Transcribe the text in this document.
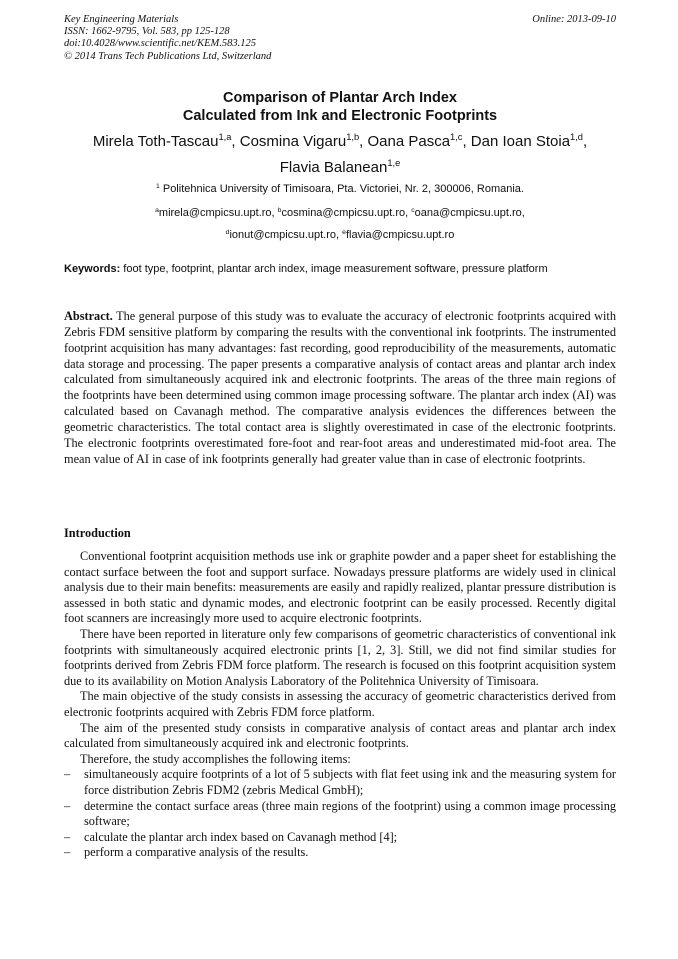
Key Engineering Materials
ISSN: 1662-9795, Vol. 583, pp 125-128
doi:10.4028/www.scientific.net/KEM.583.125
© 2014 Trans Tech Publications Ltd, Switzerland
Online: 2013-09-10
Comparison of Plantar Arch Index
Calculated from Ink and Electronic Footprints
Mirela Toth-Tascau$^{1,a}$, Cosmina Vigaru$^{1,b}$, Oana Pasca$^{1,c}$, Dan Ioan Stoia$^{1,d}$,
Flavia Balanean$^{1,e}$
$^1$ Politehnica University of Timisoara, Pta. Victoriei, Nr. 2, 300006, Romania.
$^a$mirela@cmpicsu.upt.ro, $^b$cosmina@cmpicsu.upt.ro, $^c$oana@cmpicsu.upt.ro,
$^d$ionut@cmpicsu.upt.ro, $^e$flavia@cmpicsu.upt.ro
Keywords: foot type, footprint, plantar arch index, image measurement software, pressure platform
Abstract. The general purpose of this study was to evaluate the accuracy of electronic footprints acquired with Zebris FDM sensitive platform by comparing the results with the conventional ink footprints. The instrumented footprint acquisition has many advantages: fast recording, good reproducibility of the measurements, automatic data storage and processing. The paper presents a comparative analysis of contact areas and plantar arch index calculated from simultaneously acquired ink and electronic footprints. The areas of the three main regions of the footprints have been determined using common image processing software. The plantar arch index (AI) was calculated based on Cavanagh method. The comparative analysis evidences the differences between the geometric characteristics. The total contact area is slightly overestimated in case of the electronic footprints. The electronic footprints overestimated fore-foot and rear-foot areas and underestimated mid-foot area. The mean value of AI in case of ink footprints generally had greater value than in case of electronic footprints.
Introduction

Conventional footprint acquisition methods use ink or graphite powder and a paper sheet for establishing the contact surface between the foot and support surface. Nowadays pressure platforms are widely used in clinical analysis due to their main benefits: measurements are easily and rapidly realized, plantar pressure distribution is assessed in both static and dynamic modes, and electronic footprint can be easily processed. Recently digital foot scanners are increasingly more used to acquire electronic footprints.

There have been reported in literature only few comparisons of geometric characteristics of conventional ink footprints with simultaneously acquired electronic prints [1, 2, 3]. Still, we did not find similar studies for footprints derived from Zebris FDM force platform. The research is focused on this footprint acquisition system due to its availability on Motion Analysis Laboratory of the Politehnica University of Timisoara.

The main objective of the study consists in assessing the accuracy of geometric characteristics derived from electronic footprints acquired with Zebris FDM force platform.

The aim of the presented study consists in comparative analysis of contact areas and plantar arch index calculated from simultaneously acquired ink and electronic footprints.

Therefore, the study accomplishes the following items:

– simultaneously acquire footprints of a lot of 5 subjects with flat feet using ink and the measuring system for force distribution Zebris FDM2 (zebris Medical GmbH);
– determine the contact surface areas (three main regions of the footprint) using a common image processing software;
– calculate the plantar arch index based on Cavanagh method [4];
– perform a comparative analysis of the results.
